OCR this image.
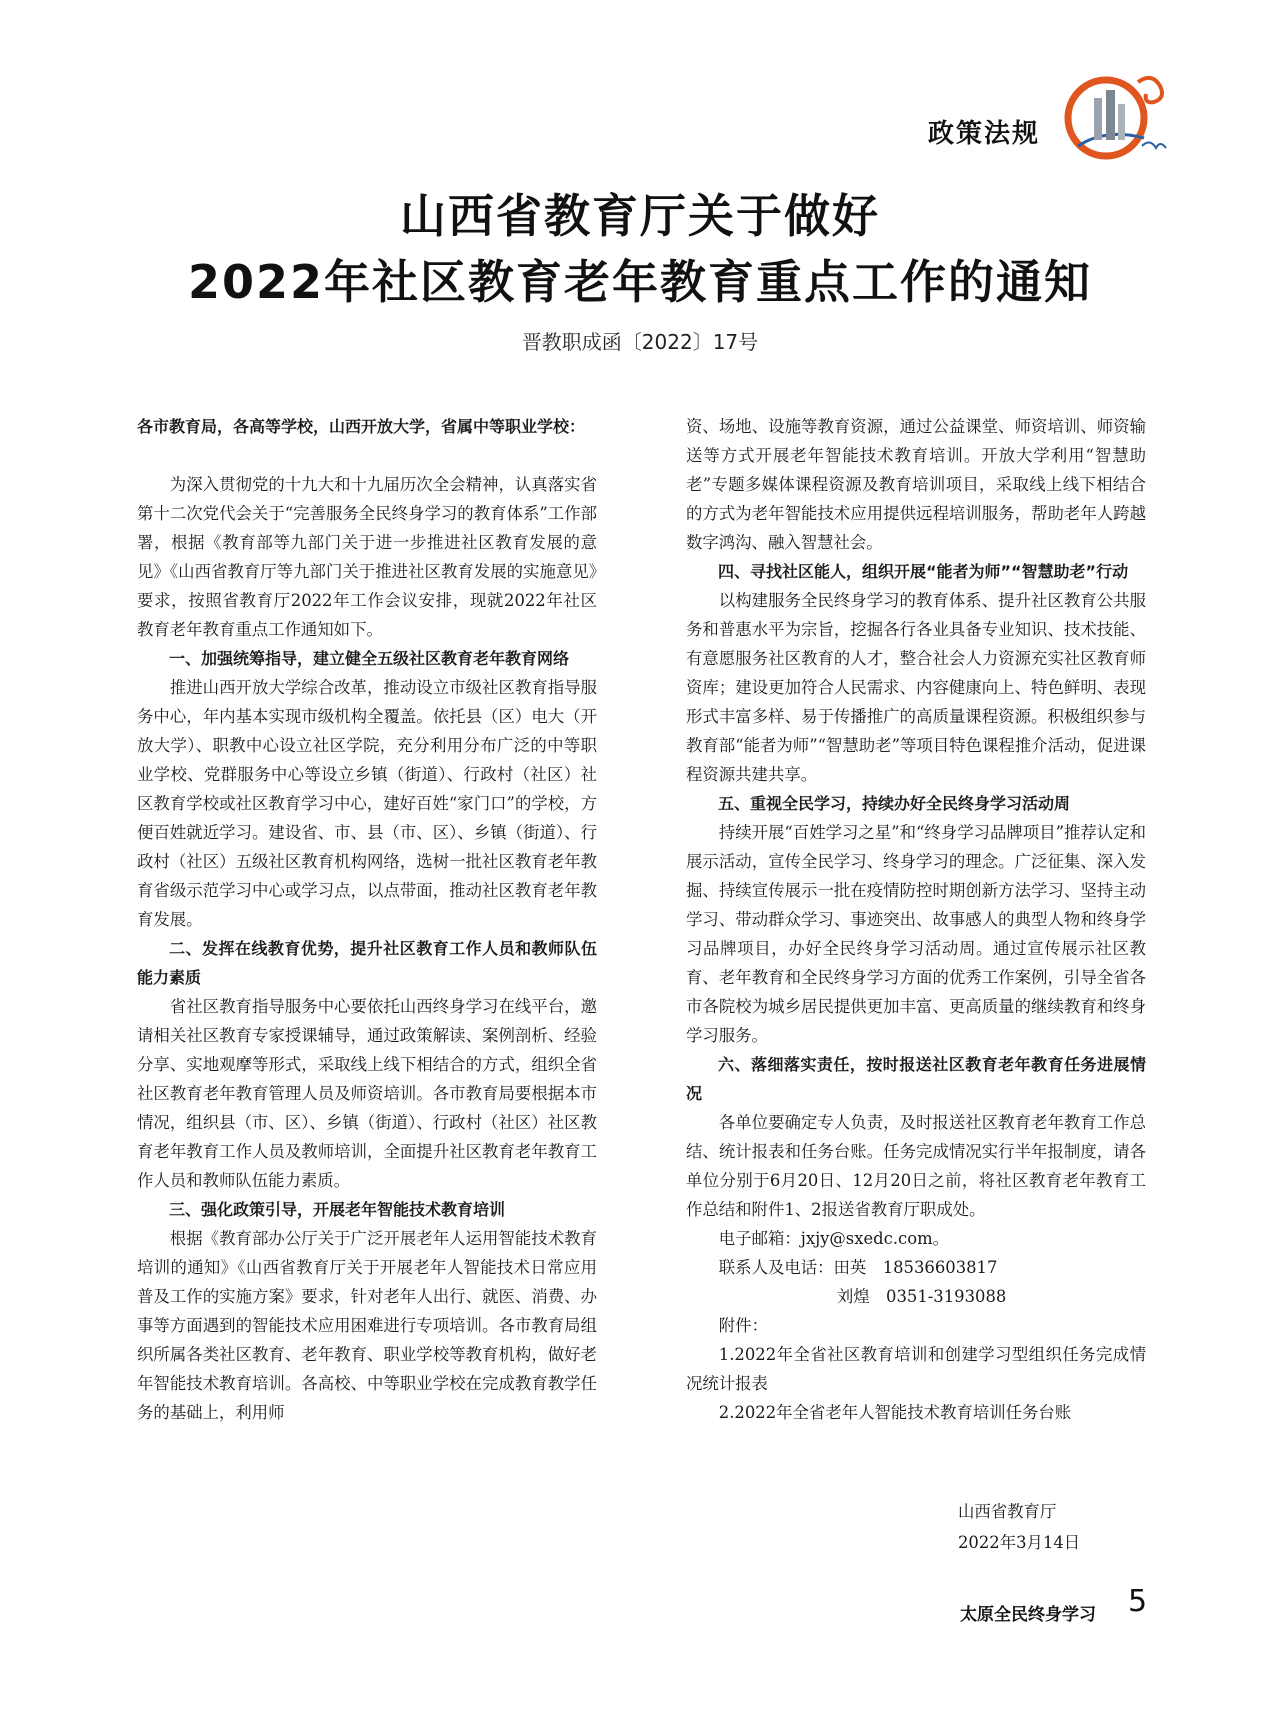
政策法规
山西省教育厅关于做好
2022年社区教育老年教育重点工作的通知
晋教职成函〔2022〕17号

各市教育局，各高等学校，山西开放大学，省属中等职业学校：

为深入贯彻党的十九大和十九届历次全会精神，认真落实省第十二次党代会关于“完善服务全民终身学习的教育体系”工作部署，根据《教育部等九部门关于进一步推进社区教育发展的意见》《山西省教育厅等九部门关于推进社区教育发展的实施意见》要求，按照省教育厅2022年工作会议安排，现就2022年社区教育老年教育重点工作通知如下。

一、加强统筹指导，建立健全五级社区教育老年教育网络

推进山西开放大学综合改革，推动设立市级社区教育指导服务中心，年内基本实现市级机构全覆盖。依托县（区）电大（开放大学）、职教中心设立社区学院，充分利用分布广泛的中等职业学校、党群服务中心等设立乡镇（街道）、行政村（社区）社区教育学校或社区教育学习中心，建好百姓“家门口”的学校，方便百姓就近学习。建设省、市、县（市、区）、乡镇（街道）、行政村（社区）五级社区教育机构网络，选树一批社区教育老年教育省级示范学习中心或学习点，以点带面，推动社区教育老年教育发展。

二、发挥在线教育优势，提升社区教育工作人员和教师队伍能力素质

省社区教育指导服务中心要依托山西终身学习在线平台，邀请相关社区教育专家授课辅导，通过政策解读、案例剖析、经验分享、实地观摩等形式，采取线上线下相结合的方式，组织全省社区教育老年教育管理人员及师资培训。各市教育局要根据本市情况，组织县（市、区）、乡镇（街道）、行政村（社区）社区教育老年教育工作人员及教师培训，全面提升社区教育老年教育工作人员和教师队伍能力素质。

三、强化政策引导，开展老年智能技术教育培训

根据《教育部办公厅关于广泛开展老年人运用智能技术教育培训的通知》《山西省教育厅关于开展老年人智能技术日常应用普及工作的实施方案》要求，针对老年人出行、就医、消费、办事等方面遇到的智能技术应用困难进行专项培训。各市教育局组织所属各类社区教育、老年教育、职业学校等教育机构，做好老年智能技术教育培训。各高校、中等职业学校在完成教育教学任务的基础上，利用师

资、场地、设施等教育资源，通过公益课堂、师资培训、师资输送等方式开展老年智能技术教育培训。开放大学利用“智慧助老”专题多媒体课程资源及教育培训项目，采取线上线下相结合的方式为老年智能技术应用提供远程培训服务，帮助老年人跨越数字鸿沟、融入智慧社会。

四、寻找社区能人，组织开展“能者为师”“智慧助老”行动

以构建服务全民终身学习的教育体系、提升社区教育公共服务和普惠水平为宗旨，挖掘各行各业具备专业知识、技术技能、有意愿服务社区教育的人才，整合社会人力资源充实社区教育师资库；建设更加符合人民需求、内容健康向上、特色鲜明、表现形式丰富多样、易于传播推广的高质量课程资源。积极组织参与教育部“能者为师”“智慧助老”等项目特色课程推介活动，促进课程资源共建共享。

五、重视全民学习，持续办好全民终身学习活动周

持续开展“百姓学习之星”和“终身学习品牌项目”推荐认定和展示活动，宣传全民学习、终身学习的理念。广泛征集、深入发掘、持续宣传展示一批在疫情防控时期创新方法学习、坚持主动学习、带动群众学习、事迹突出、故事感人的典型人物和终身学习品牌项目，办好全民终身学习活动周。通过宣传展示社区教育、老年教育和全民终身学习方面的优秀工作案例，引导全省各市各院校为城乡居民提供更加丰富、更高质量的继续教育和终身学习服务。

六、落细落实责任，按时报送社区教育老年教育任务进展情况

各单位要确定专人负责，及时报送社区教育老年教育工作总结、统计报表和任务台账。任务完成情况实行半年报制度，请各单位分别于6月20日、12月20日之前，将社区教育老年教育工作总结和附件1、2报送省教育厅职成处。

电子邮箱：jxjy@sxedc.com。

联系人及电话：田英　18536603817

刘煌　0351-3193088

附件：

1.2022年全省社区教育培训和创建学习型组织任务完成情况统计报表

2.2022年全省老年人智能技术教育培训任务台账

山西省教育厅
2022年3月14日
太原全民终身学习 5
